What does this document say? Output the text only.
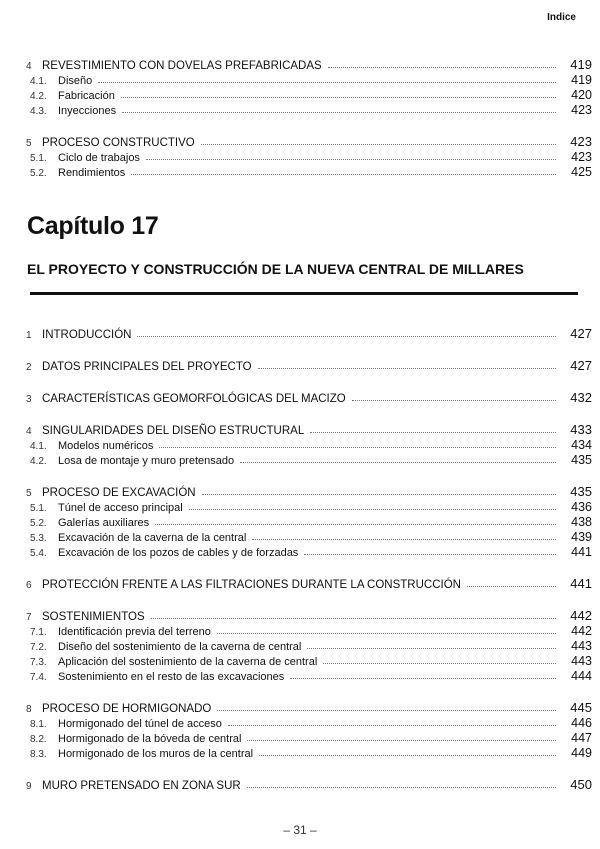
Indice
4 REVESTIMIENTO CON DOVELAS PREFABRICADAS	419
4.1.	Diseño	419
4.2.	Fabricación	420
4.3.	Inyecciones	423
5 PROCESO CONSTRUCTIVO	423
5.1.	Ciclo de trabajos	423
5.2.	Rendimientos	425
Capítulo 17
EL PROYECTO Y CONSTRUCCIÓN DE LA NUEVA CENTRAL DE MILLARES
1 INTRODUCCIÓN	427
2 DATOS PRINCIPALES DEL PROYECTO	427
3 CARACTERÍSTICAS GEOMORFOLÓGICAS DEL MACIZO	432
4 SINGULARIDADES DEL DISEÑO ESTRUCTURAL	433
4.1.	Modelos numéricos	434
4.2.	Losa de montaje y muro pretensado	435
5 PROCESO DE EXCAVACIÓN	435
5.1.	Túnel de acceso principal	436
5.2.	Galerías auxiliares	438
5.3.	Excavación de la caverna de la central	439
5.4.	Excavación de los pozos de cables y de forzadas	441
6 PROTECCIÓN FRENTE A LAS FILTRACIONES DURANTE LA CONSTRUCCIÓN	441
7 SOSTENIMIENTOS	442
7.1.	Identificación previa del terreno	442
7.2.	Diseño del sostenimiento de la caverna de central	443
7.3.	Aplicación del sostenimiento de la caverna de central	443
7.4.	Sostenimiento en el resto de las excavaciones	444
8 PROCESO DE HORMIGONADO	445
8.1.	Hormigonado del túnel de acceso	446
8.2.	Hormigonado de la bóveda de central	447
8.3.	Hormigonado de los muros de la central	449
9 MURO PRETENSADO EN ZONA SUR	450
– 31 –
